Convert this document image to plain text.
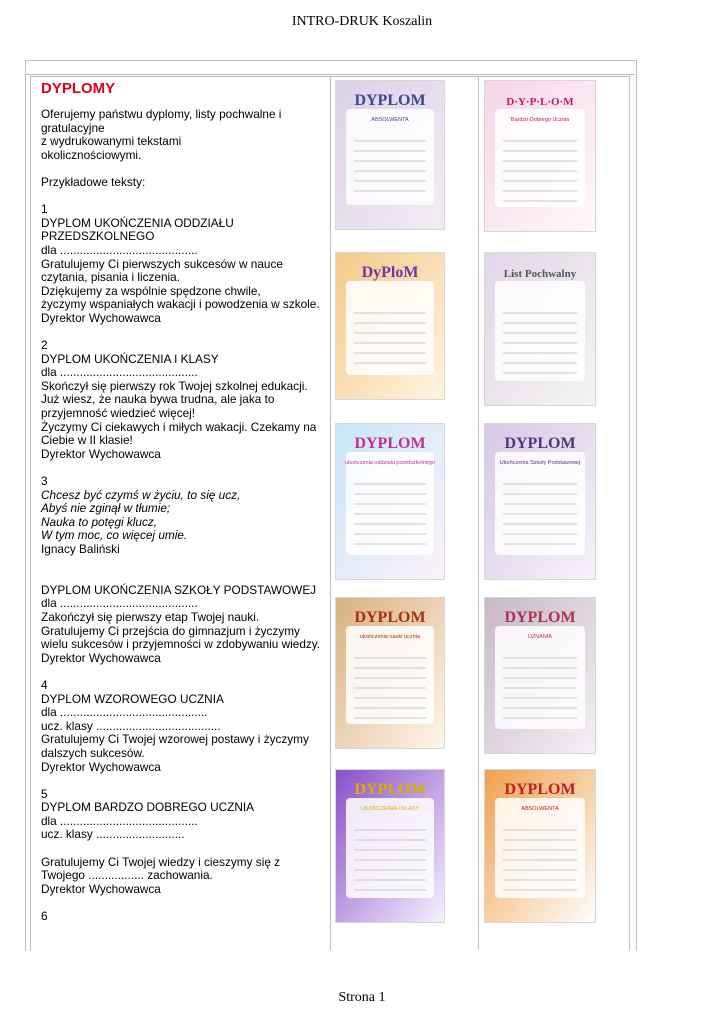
INTRO-DRUK Koszalin
DYPLOMY

Oferujemy państwu dyplomy, listy pochwalne i
gratulacyjne
z wydrukowanymi tekstami
okolicznościowymi.

Przykładowe teksty:

1
DYPLOM UKOŃCZENIA ODDZIAŁU
PRZEDSZKOLNEGO
dla ..........................................
Gratulujemy Ci pierwszych sukcesów w nauce
czytania, pisania i liczenia.
Dziękujemy za wspólnie spędzone chwile,
życzymy wspaniałych wakacji i powodzenia w szkole.
Dyrektor Wychowawca

2
DYPLOM UKOŃCZENIA I KLASY
dla ..........................................
Skończył się pierwszy rok Twojej szkolnej edukacji.
Już wiesz, że nauka bywa trudna, ale jaka to
przyjemność wiedzieć więcej!
Życzymy Ci ciekawych i miłych wakacji. Czekamy na
Ciebie w II klasie!
Dyrektor Wychowawca

3

Chcesz być czymś w życiu, to się ucz,
Abyś nie zginął w tłumie;
Nauka to potęgi klucz,
W tym moc, co więcej umie.

Ignacy Baliński

DYPLOM UKOŃCZENIA SZKOŁY PODSTAWOWEJ
dla ..........................................
Zakończył się pierwszy etap Twojej nauki.
Gratulujemy Ci przejścia do gimnazjum i życzymy
wielu sukcesów i przyjemności w zdobywaniu wiedzy.
Dyrektor Wychowawca

4
DYPLOM WZOROWEGO UCZNIA
dla .............................................
ucz. klasy ......................................
Gratulujemy Ci Twojej wzorowej postawy i życzymy
dalszych sukcesów.
Dyrektor Wychowawca

5
DYPLOM BARDZO DOBREGO UCZNIA
dla ..........................................
ucz. klasy ...........................

Gratulujemy Ci Twojej wiedzy i cieszymy się z
Twojego ................. zachowania.
Dyrektor Wychowawca

6

DYPLOM
ABSOLWENTA
D·Y·P·L·O·M
Bardzo Dobrego Ucznia
DyPloM	List Pochwalny
DYPLOM
ukończenia oddziału przedszkolnego
DYPLOM
Ukończenia Szkoły Podstawowej
DYPLOM
ukończenia nauki ucznia
DYPLOM
UZNANIA
DYPLOM
UKOŃCZENIA I KLASY
DYPLOM
ABSOLWENTA
Strona 1
